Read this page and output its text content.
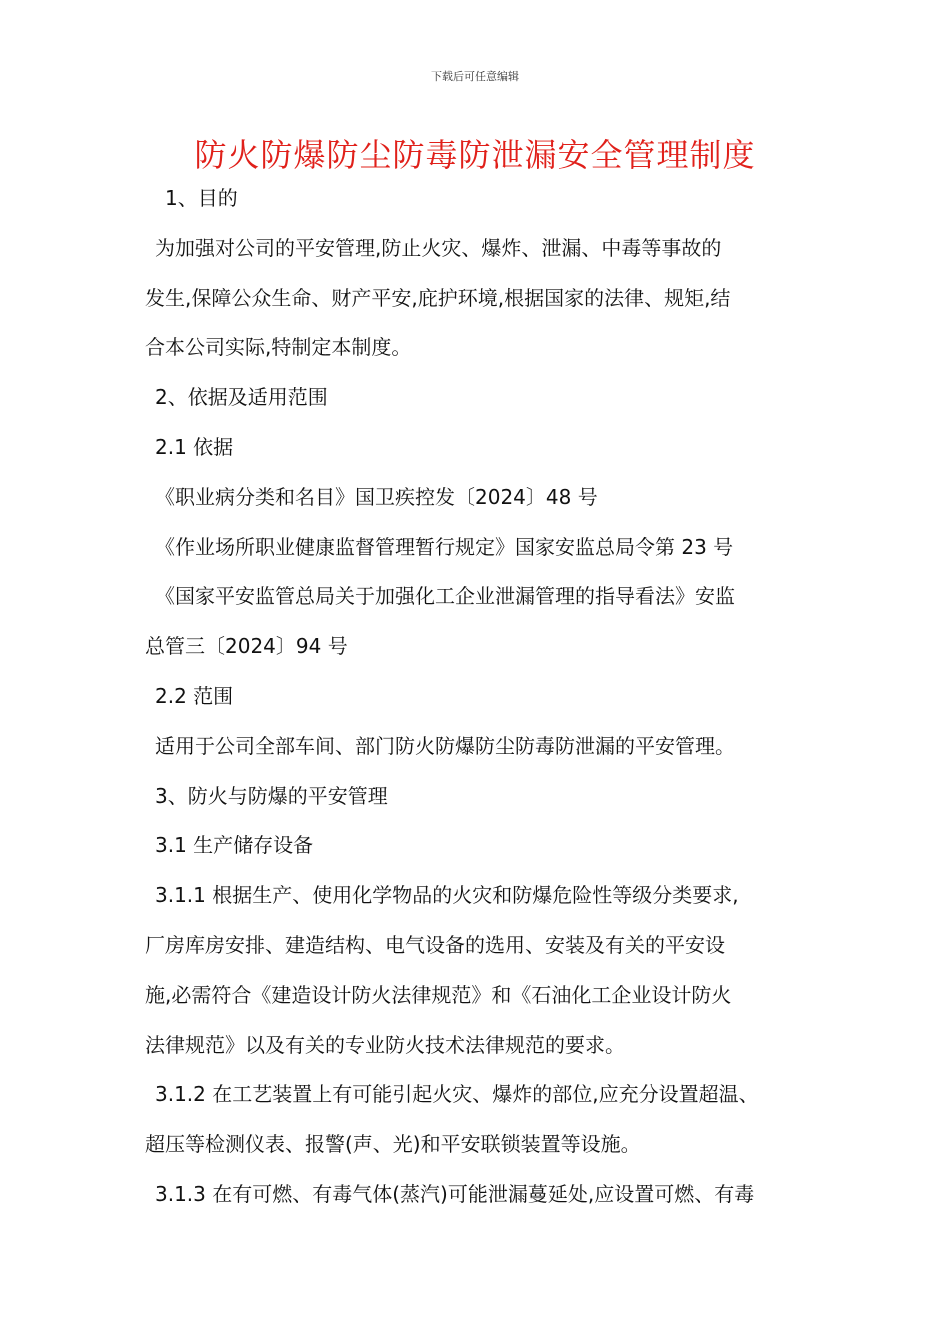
下载后可任意编辑
防火防爆防尘防毒防泄漏安全管理制度
1、目的
为加强对公司的平安管理,防止火灾、爆炸、泄漏、中毒等事故的
发生,保障公众生命、财产平安,庇护环境,根据国家的法律、规矩,结
合本公司实际,特制定本制度。
2、依据及适用范围
2.1 依据
《职业病分类和名目》国卫疾控发〔2024〕48 号
《作业场所职业健康监督管理暂行规定》国家安监总局令第 23 号
《国家平安监管总局关于加强化工企业泄漏管理的指导看法》安监
总管三〔2024〕94 号
2.2 范围
适用于公司全部车间、部门防火防爆防尘防毒防泄漏的平安管理。
3、防火与防爆的平安管理
3.1 生产储存设备
3.1.1 根据生产、使用化学物品的火灾和防爆危险性等级分类要求,
厂房库房安排、建造结构、电气设备的选用、安装及有关的平安设
施,必需符合《建造设计防火法律规范》和《石油化工企业设计防火
法律规范》以及有关的专业防火技术法律规范的要求。
3.1.2 在工艺装置上有可能引起火灾、爆炸的部位,应充分设置超温、
超压等检测仪表、报警(声、光)和平安联锁装置等设施。
3.1.3 在有可燃、有毒气体(蒸汽)可能泄漏蔓延处,应设置可燃、有毒
